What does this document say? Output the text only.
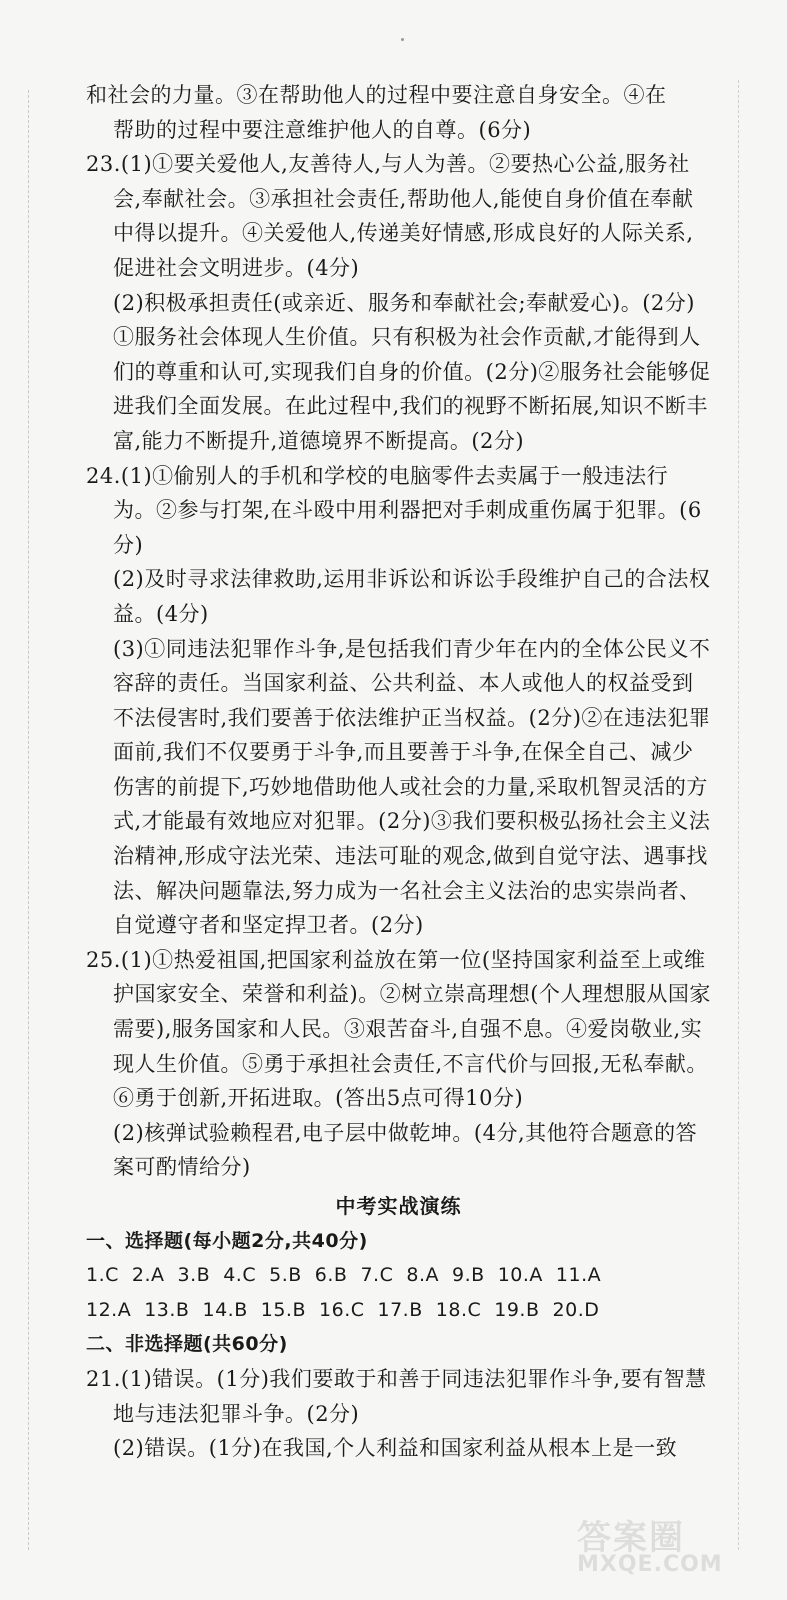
和社会的力量。③在帮助他人的过程中要注意自身安全。④在

帮助的过程中要注意维护他人的自尊。(6分)

23.(1)①要关爱他人,友善待人,与人为善。②要热心公益,服务社会,奉献社会。③承担社会责任,帮助他人,能使自身价值在奉献中得以提升。④关爱他人,传递美好情感,形成良好的人际关系,促进社会文明进步。(4分)

(2)积极承担责任(或亲近、服务和奉献社会;奉献爱心)。(2分)

①服务社会体现人生价值。只有积极为社会作贡献,才能得到人们的尊重和认可,实现我们自身的价值。(2分)②服务社会能够促进我们全面发展。在此过程中,我们的视野不断拓展,知识不断丰富,能力不断提升,道德境界不断提高。(2分)

24.(1)①偷别人的手机和学校的电脑零件去卖属于一般违法行为。②参与打架,在斗殴中用利器把对手刺成重伤属于犯罪。(6分)

(2)及时寻求法律救助,运用非诉讼和诉讼手段维护自己的合法权益。(4分)

(3)①同违法犯罪作斗争,是包括我们青少年在内的全体公民义不容辞的责任。当国家利益、公共利益、本人或他人的权益受到不法侵害时,我们要善于依法维护正当权益。(2分)②在违法犯罪面前,我们不仅要勇于斗争,而且要善于斗争,在保全自己、减少伤害的前提下,巧妙地借助他人或社会的力量,采取机智灵活的方式,才能最有效地应对犯罪。(2分)③我们要积极弘扬社会主义法治精神,形成守法光荣、违法可耻的观念,做到自觉守法、遇事找法、解决问题靠法,努力成为一名社会主义法治的忠实崇尚者、自觉遵守者和坚定捍卫者。(2分)

25.(1)①热爱祖国,把国家利益放在第一位(坚持国家利益至上或维护国家安全、荣誉和利益)。②树立崇高理想(个人理想服从国家需要),服务国家和人民。③艰苦奋斗,自强不息。④爱岗敬业,实现人生价值。⑤勇于承担社会责任,不言代价与回报,无私奉献。⑥勇于创新,开拓进取。(答出5点可得10分)

(2)核弹试验赖程君,电子层中做乾坤。(4分,其他符合题意的答案可酌情给分)

中考实战演练

一、选择题(每小题2分,共40分)

1.C 2.A 3.B 4.C 5.B 6.B 7.C 8.A 9.B 10.A 11.A
12.A 13.B 14.B 15.B 16.C 17.B 18.C 19.B 20.D

二、非选择题(共60分)

21.(1)错误。(1分)我们要敢于和善于同违法犯罪作斗争,要有智慧地与违法犯罪斗争。(2分)

(2)错误。(1分)在我国,个人利益和国家利益从根本上是一致

答案圈
MXQE.COM
